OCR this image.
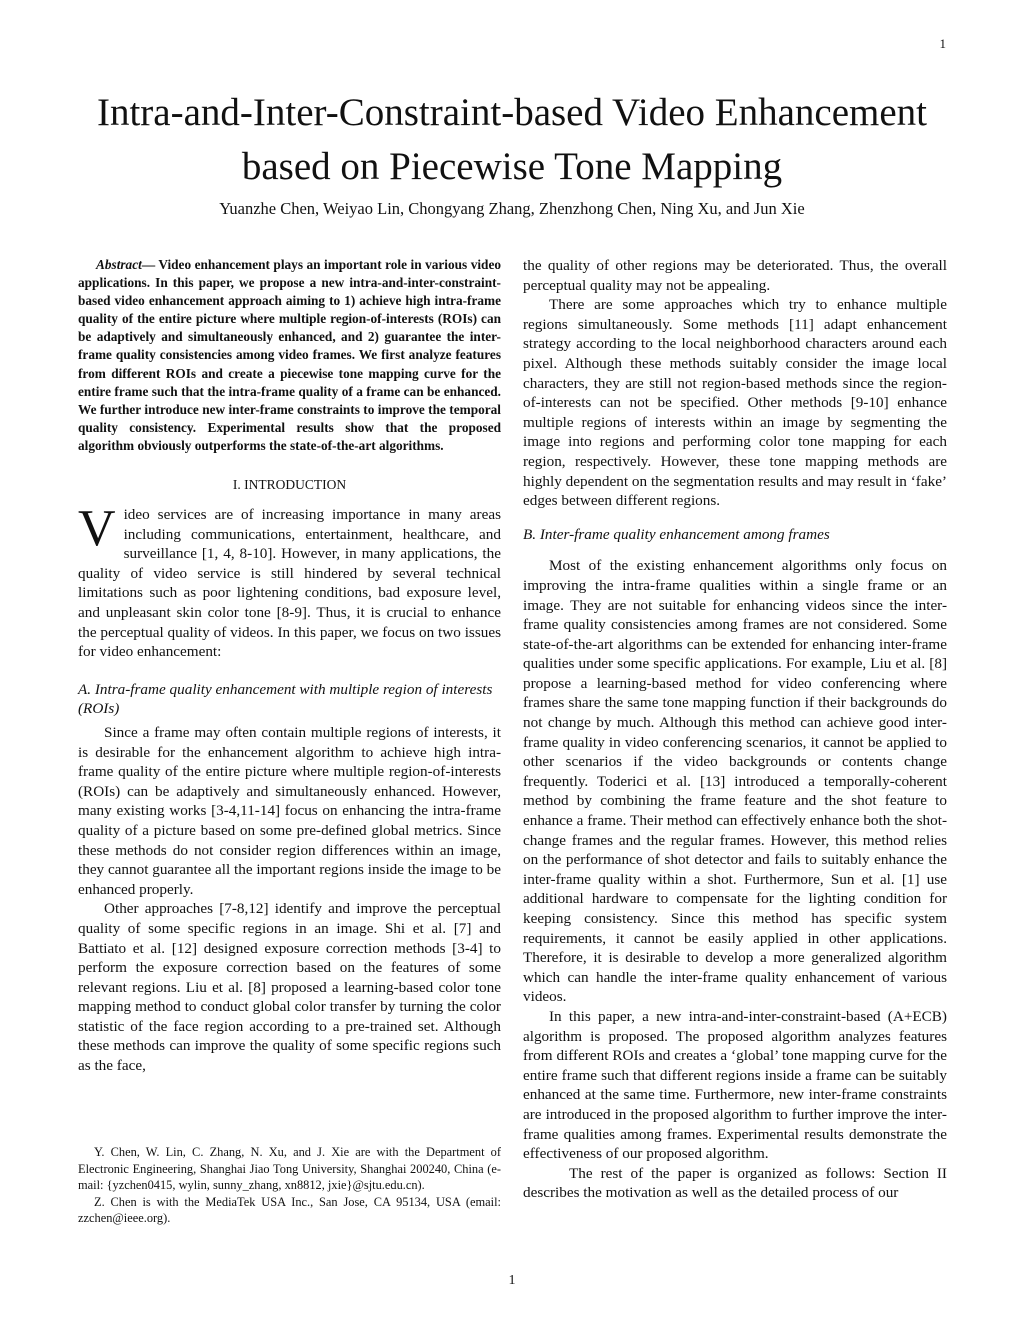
1
Intra-and-Inter-Constraint-based Video Enhancement
based on Piecewise Tone Mapping
Yuanzhe Chen, Weiyao Lin, Chongyang Zhang, Zhenzhong Chen, Ning Xu, and Jun Xie

Abstract— Video enhancement plays an important role in various video applications. In this paper, we propose a new intra-and-inter-constraint-based video enhancement approach aiming to 1) achieve high intra-frame quality of the entire picture where multiple region-of-interests (ROIs) can be adaptively and simultaneously enhanced, and 2) guarantee the inter-frame quality consistencies among video frames. We first analyze features from different ROIs and create a piecewise tone mapping curve for the entire frame such that the intra-frame quality of a frame can be enhanced. We further introduce new inter-frame constraints to improve the temporal quality consistency. Experimental results show that the proposed algorithm obviously outperforms the state-of-the-art algorithms.

I. INTRODUCTION

Video services are of increasing importance in many areas including communications, entertainment, healthcare, and surveillance [1, 4, 8-10]. However, in many applications, the quality of video service is still hindered by several technical limitations such as poor lightening conditions, bad exposure level, and unpleasant skin color tone [8-9]. Thus, it is crucial to enhance the perceptual quality of videos. In this paper, we focus on two issues for video enhancement:

A. Intra-frame quality enhancement with multiple region of interests (ROIs)

Since a frame may often contain multiple regions of interests, it is desirable for the enhancement algorithm to achieve high intra-frame quality of the entire picture where multiple region-of-interests (ROIs) can be adaptively and simultaneously enhanced. However, many existing works [3-4,11-14] focus on enhancing the intra-frame quality of a picture based on some pre-defined global metrics. Since these methods do not consider region differences within an image, they cannot guarantee all the important regions inside the image to be enhanced properly.

Other approaches [7-8,12] identify and improve the perceptual quality of some specific regions in an image. Shi et al. [7] and Battiato et al. [12] designed exposure correction methods [3-4] to perform the exposure correction based on the features of some relevant regions. Liu et al. [8] proposed a learning-based color tone mapping method to conduct global color transfer by turning the color statistic of the face region according to a pre-trained set. Although these methods can improve the quality of some specific regions such as the face,

the quality of other regions may be deteriorated. Thus, the overall perceptual quality may not be appealing.

There are some approaches which try to enhance multiple regions simultaneously. Some methods [11] adapt enhancement strategy according to the local neighborhood characters around each pixel. Although these methods suitably consider the image local characters, they are still not region-based methods since the region-of-interests can not be specified. Other methods [9-10] enhance multiple regions of interests within an image by segmenting the image into regions and performing color tone mapping for each region, respectively. However, these tone mapping methods are highly dependent on the segmentation results and may result in ‘fake’ edges between different regions.

B. Inter-frame quality enhancement among frames

Most of the existing enhancement algorithms only focus on improving the intra-frame qualities within a single frame or an image. They are not suitable for enhancing videos since the inter-frame quality consistencies among frames are not considered. Some state-of-the-art algorithms can be extended for enhancing inter-frame qualities under some specific applications. For example, Liu et al. [8] propose a learning-based method for video conferencing where frames share the same tone mapping function if their backgrounds do not change by much. Although this method can achieve good inter-frame quality in video conferencing scenarios, it cannot be applied to other scenarios if the video backgrounds or contents change frequently. Toderici et al. [13] introduced a temporally-coherent method by combining the frame feature and the shot feature to enhance a frame. Their method can effectively enhance both the shot-change frames and the regular frames. However, this method relies on the performance of shot detector and fails to suitably enhance the inter-frame quality within a shot. Furthermore, Sun et al. [1] use additional hardware to compensate for the lighting condition for keeping consistency. Since this method has specific system requirements, it cannot be easily applied in other applications. Therefore, it is desirable to develop a more generalized algorithm which can handle the inter-frame quality enhancement of various videos.

In this paper, a new intra-and-inter-constraint-based (A+ECB) algorithm is proposed. The proposed algorithm analyzes features from different ROIs and creates a ‘global’ tone mapping curve for the entire frame such that different regions inside a frame can be suitably enhanced at the same time. Furthermore, new inter-frame constraints are introduced in the proposed algorithm to further improve the inter-frame qualities among frames. Experimental results demonstrate the effectiveness of our proposed algorithm.

The rest of the paper is organized as follows: Section II describes the motivation as well as the detailed process of our

Y. Chen, W. Lin, C. Zhang, N. Xu, and J. Xie are with the Department of Electronic Engineering, Shanghai Jiao Tong University, Shanghai 200240, China (e-mail: {yzchen0415, wylin, sunny_zhang, xn8812, jxie}@sjtu.edu.cn).

Z. Chen is with the MediaTek USA Inc., San Jose, CA 95134, USA (email: zzchen@ieee.org).

1
